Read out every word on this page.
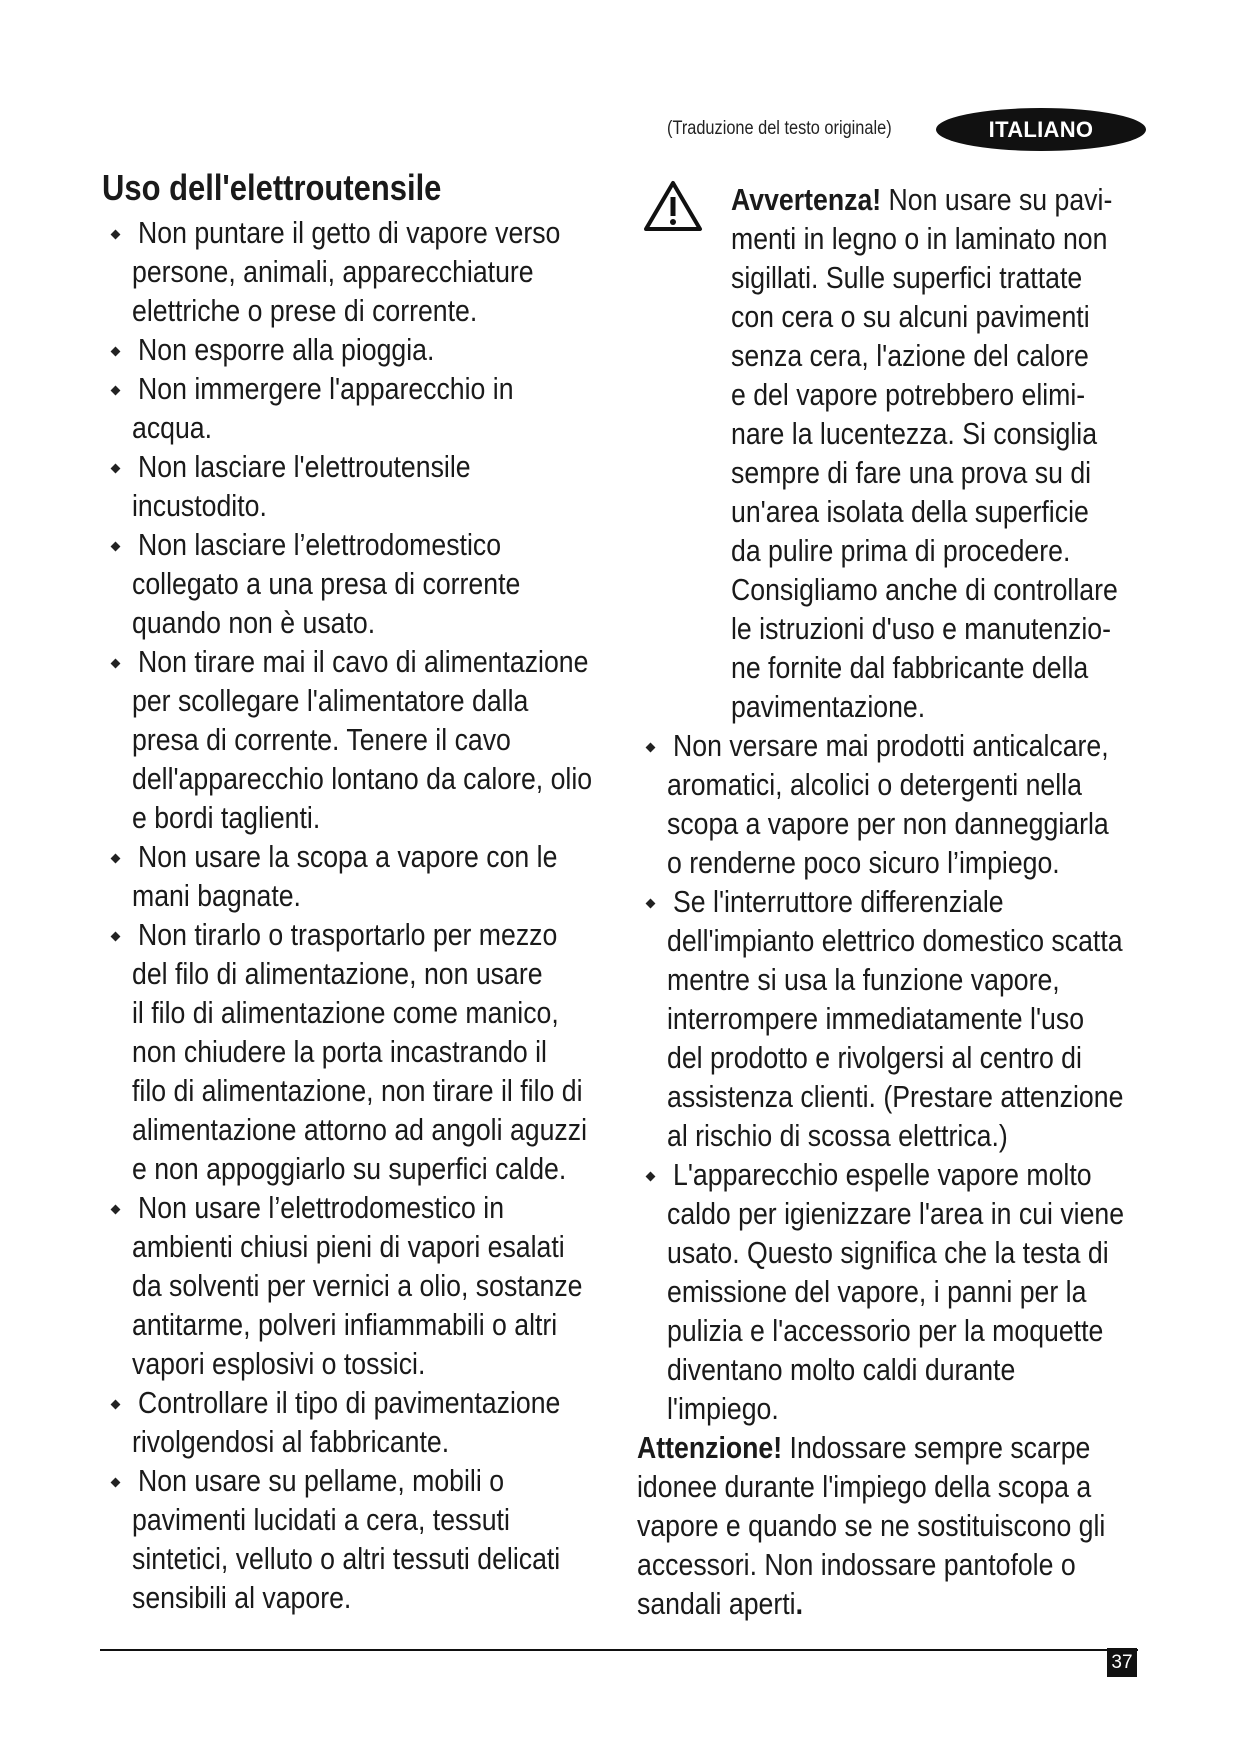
(Traduzione del testo originale)	ITALIANO
Uso dell'elettroutensile
Non puntare il getto di vapore verso
persone, animali, apparecchiature
elettriche o prese di corrente.
Non esporre alla pioggia.
Non immergere l'apparecchio in
acqua.
Non lasciare l'elettroutensile
incustodito.
Non lasciare l’elettrodomestico
collegato a una presa di corrente
quando non è usato.
Non tirare mai il cavo di alimentazione
per scollegare l'alimentatore dalla
presa di corrente. Tenere il cavo
dell'apparecchio lontano da calore, olio
e bordi taglienti.
Non usare la scopa a vapore con le
mani bagnate.
Non tirarlo o trasportarlo per mezzo
del filo di alimentazione, non usare
il filo di alimentazione come manico,
non chiudere la porta incastrando il
filo di alimentazione, non tirare il filo di
alimentazione attorno ad angoli aguzzi
e non appoggiarlo su superfici calde.
Non usare l’elettrodomestico in
ambienti chiusi pieni di vapori esalati
da solventi per vernici a olio, sostanze
antitarme, polveri infiammabili o altri
vapori esplosivi o tossici.
Controllare il tipo di pavimentazione
rivolgendosi al fabbricante.
Non usare su pellame, mobili o
pavimenti lucidati a cera, tessuti
sintetici, velluto o altri tessuti delicati
sensibili al vapore.
Avvertenza! Non usare su pavi-
menti in legno o in laminato non
sigillati. Sulle superfici trattate
con cera o su alcuni pavimenti
senza cera, l'azione del calore
e del vapore potrebbero elimi-
nare la lucentezza. Si consiglia
sempre di fare una prova su di
un'area isolata della superficie
da pulire prima di procedere.
Consigliamo anche di controllare
le istruzioni d'uso e manutenzio-
ne fornite dal fabbricante della
pavimentazione.
Non versare mai prodotti anticalcare,
aromatici, alcolici o detergenti nella
scopa a vapore per non danneggiarla
o renderne poco sicuro l’impiego.
Se l'interruttore differenziale
dell'impianto elettrico domestico scatta
mentre si usa la funzione vapore,
interrompere immediatamente l'uso
del prodotto e rivolgersi al centro di
assistenza clienti. (Prestare attenzione
al rischio di scossa elettrica.)
L'apparecchio espelle vapore molto
caldo per igienizzare l'area in cui viene
usato. Questo significa che la testa di
emissione del vapore, i panni per la
pulizia e l'accessorio per la moquette
diventano molto caldi durante
l'impiego.
Attenzione! Indossare sempre scarpe
idonee durante l'impiego della scopa a
vapore e quando se ne sostituiscono gli
accessori. Non indossare pantofole o
sandali aperti.
37
